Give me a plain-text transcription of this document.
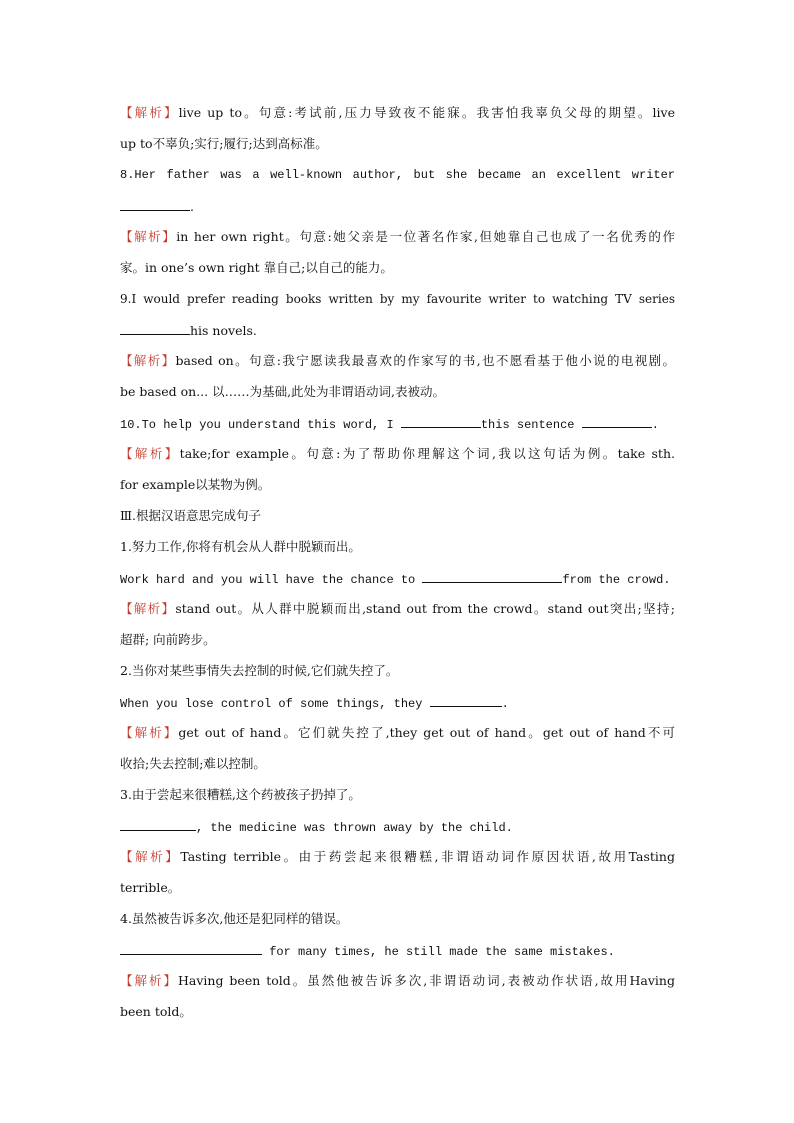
【解析】live up to。句意:考试前,压力导致夜不能寐。我害怕我辜负父母的期望。live
up to不辜负;实行;履行;达到高标准。
8.Her father was a well-known author, but she became an excellent writer
.
【解析】in her own right。句意:她父亲是一位著名作家,但她靠自己也成了一名优秀的作
家。in one’s own right 靠自己;以自己的能力。
9.I would prefer reading books written by my favourite writer to watching TV series
his novels.
【解析】based on。句意:我宁愿读我最喜欢的作家写的书,也不愿看基于他小说的电视剧。
be based on... 以……为基础,此处为非谓语动词,表被动。
10.To help you understand this word, I	this sentence	.
【解析】take;for example。句意:为了帮助你理解这个词,我以这句话为例。take sth.
for example以某物为例。
Ⅲ.根据汉语意思完成句子
1.努力工作,你将有机会从人群中脱颖而出。
Work hard and you will have the chance to	from the crowd.
【解析】stand out。从人群中脱颖而出,stand out from the crowd。stand out突出;坚持;
超群; 向前跨步。
2.当你对某些事情失去控制的时候,它们就失控了。
When you lose control of some things, they	.
【解析】get out of hand。它们就失控了,they get out of hand。get out of hand不可
收拾;失去控制;难以控制。
3.由于尝起来很糟糕,这个药被孩子扔掉了。
, the medicine was thrown away by the child.
【解析】Tasting terrible。由于药尝起来很糟糕,非谓语动词作原因状语,故用Tasting
terrible。
4.虽然被告诉多次,他还是犯同样的错误。
for many times, he still made the same mistakes.
【解析】Having been told。虽然他被告诉多次,非谓语动词,表被动作状语,故用Having
been told。
